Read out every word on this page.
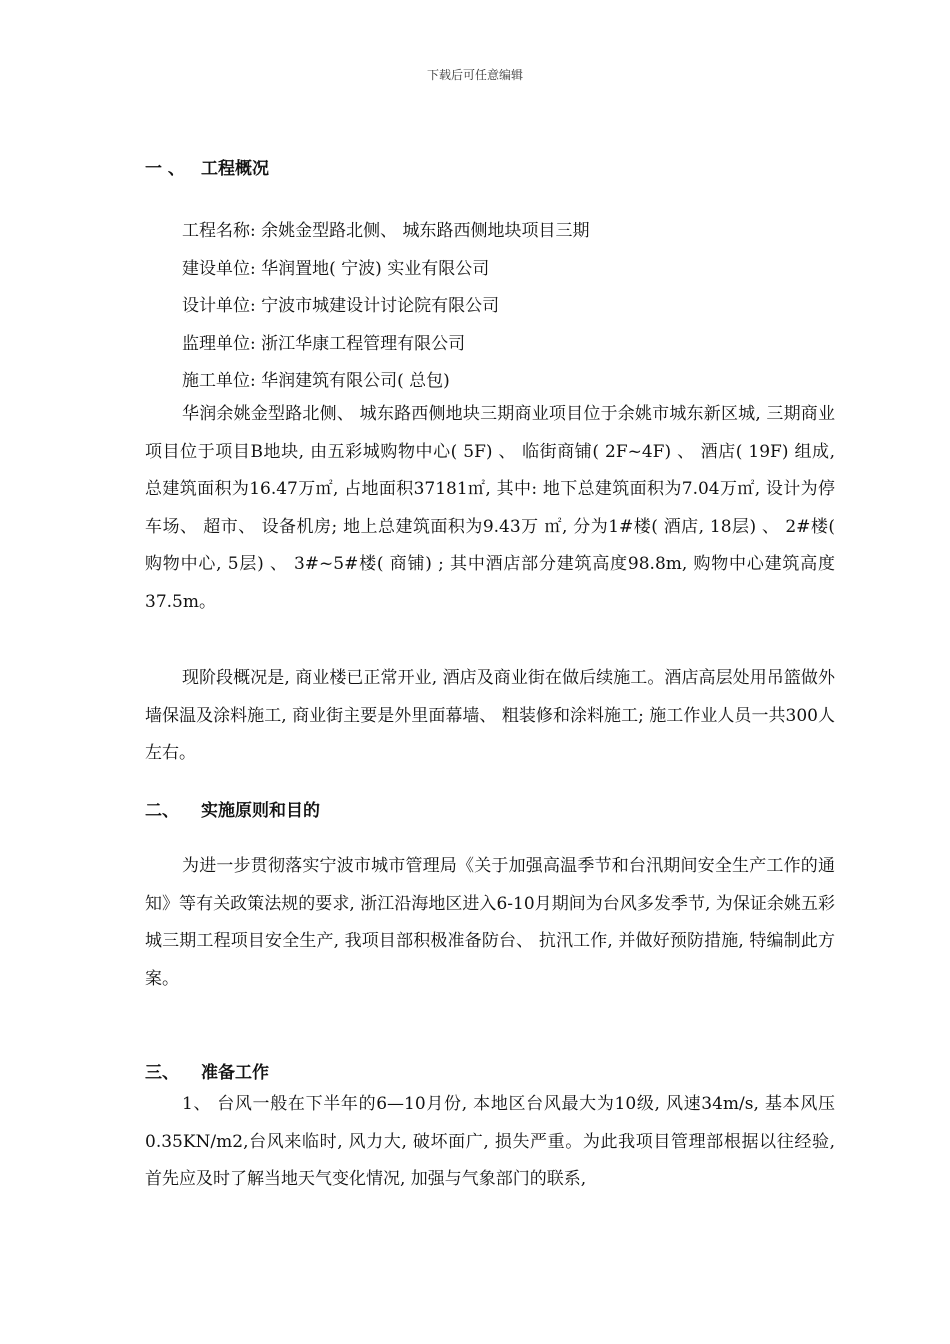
下载后可任意编辑
一 、 工程概况
工程名称: 余姚金型路北侧、 城东路西侧地块项目三期
建设单位: 华润置地( 宁波) 实业有限公司
设计单位: 宁波市城建设计讨论院有限公司
监理单位: 浙江华康工程管理有限公司
施工单位: 华润建筑有限公司( 总包)
华润余姚金型路北侧、 城东路西侧地块三期商业项目位于余姚市城东新区城, 三期商业项目位于项目B地块, 由五彩城购物中心( 5F) 、 临街商铺( 2F~4F) 、 酒店( 19F) 组成, 总建筑面积为16.47万㎡, 占地面积37181㎡, 其中: 地下总建筑面积为7.04万㎡, 设计为停车场、 超市、 设备机房; 地上总建筑面积为9.43万 ㎡, 分为1#楼( 酒店, 18层) 、 2#楼( 购物中心, 5层) 、 3#~5#楼( 商铺) ; 其中酒店部分建筑高度98.8m, 购物中心建筑高度37.5m。
现阶段概况是, 商业楼已正常开业, 酒店及商业街在做后续施工。酒店高层处用吊篮做外墙保温及涂料施工, 商业街主要是外里面幕墙、 粗装修和涂料施工; 施工作业人员一共300人左右。
二、 实施原则和目的
为进一步贯彻落实宁波市城市管理局《关于加强高温季节和台汛期间安全生产工作的通知》等有关政策法规的要求, 浙江沿海地区进入6-10月期间为台风多发季节, 为保证余姚五彩城三期工程项目安全生产, 我项目部积极准备防台、 抗汛工作, 并做好预防措施, 特编制此方案。
三、 准备工作
1、 台风一般在下半年的6—10月份, 本地区台风最大为10级, 风速34m/s, 基本风压0.35KN/m2,台风来临时, 风力大, 破坏面广, 损失严重。为此我项目管理部根据以往经验, 首先应及时了解当地天气变化情况, 加强与气象部门的联系,
